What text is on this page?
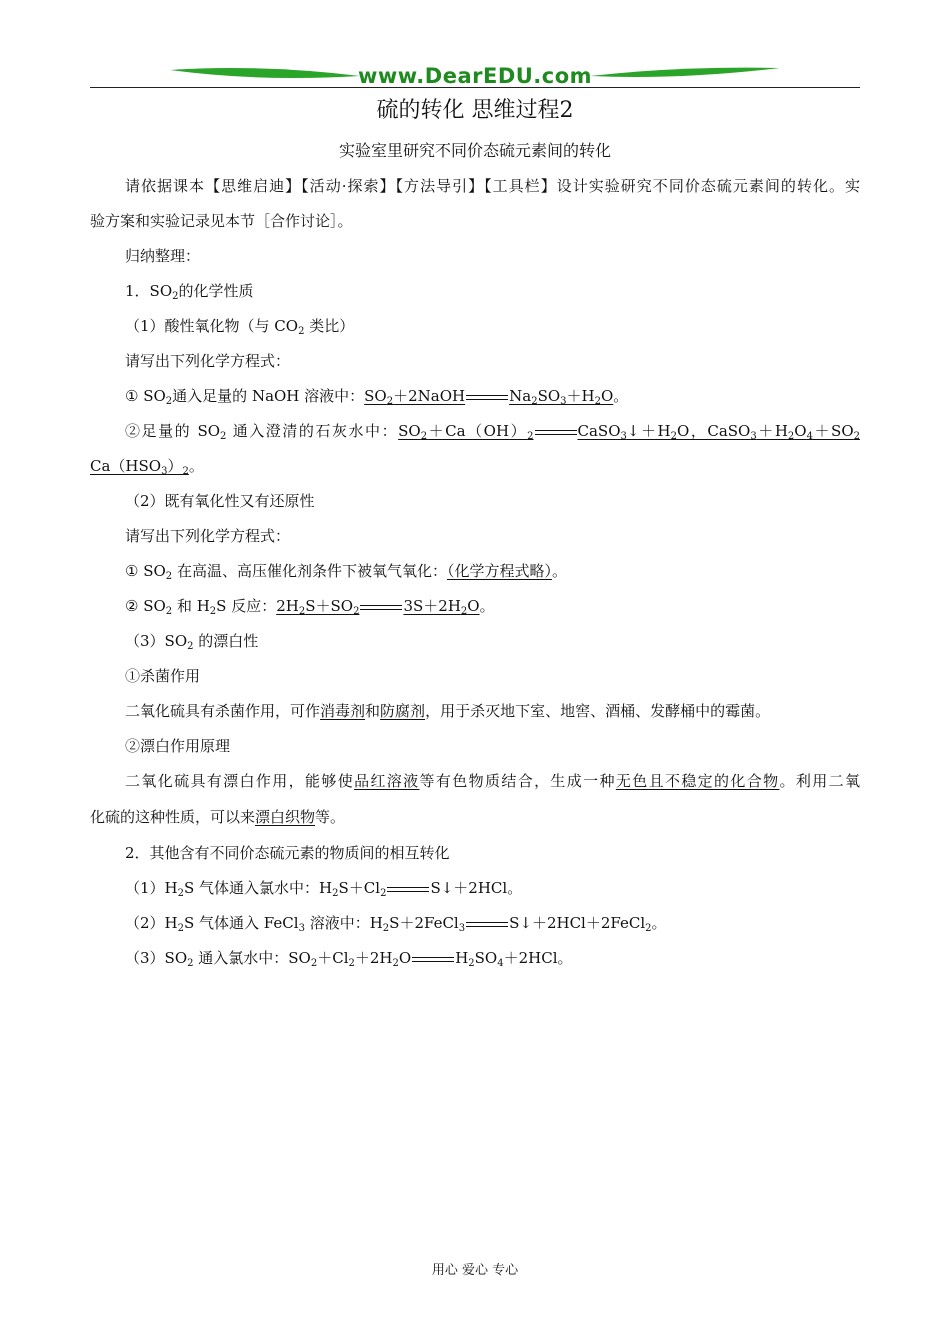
www.DearEDU.com
硫的转化 思维过程2
实验室里研究不同价态硫元素间的转化
请依据课本【思维启迪】【活动·探索】【方法导引】【工具栏】设计实验研究不同价态硫元素间的转化。实
验方案和实验记录见本节［合作讨论］。
归纳整理：
1．$SO_2$的化学性质
（1）酸性氧化物（与 $CO_2$ 类比）
请写出下列化学方程式：
① $SO_2$通入足量的 NaOH 溶液中：$SO_2+2NaOH$	$Na_2SO_3+H_2O$。
②足量的 $SO_2$ 通入澄清的石灰水中：$SO_2+Ca(OH)_2$	$CaSO_3↓+H_2O$，$CaSO_3+H_2O_4+SO_2$
$Ca(HSO_3)_2$。
（2）既有氧化性又有还原性
请写出下列化学方程式：
① $SO_2$ 在高温、高压催化剂条件下被氧气氧化：（化学方程式略）。
② $SO_2$ 和 $H_2S$ 反应：$2H_2S+SO_2$	$3S+2H_2O$。
$(3)SO_2$ 的漂白性
①杀菌作用
二氧化硫具有杀菌作用，可作消毒剂和防腐剂，用于杀灭地下室、地窖、酒桶、发酵桶中的霉菌。
②漂白作用原理
二氧化硫具有漂白作用，能够使品红溶液等有色物质结合，生成一种无色且不稳定的化合物。利用二氧
化硫的这种性质，可以来漂白织物等。
2．其他含有不同价态硫元素的物质间的相互转化
$(1)H_2S$ 气体通入氯水中：$H_2S+Cl_2$	S↓＋2HCl。
$(2)H_2S$ 气体通入 FeCl$_3$ 溶液中：$H_2S+2FeCl_3$	S↓＋2HCl＋2FeCl$_2$。
$(3)SO_2$ 通入氯水中：$SO_2+Cl_2+2H_2O$	$H_2SO_4+2HCl$。
用心 爱心 专心
